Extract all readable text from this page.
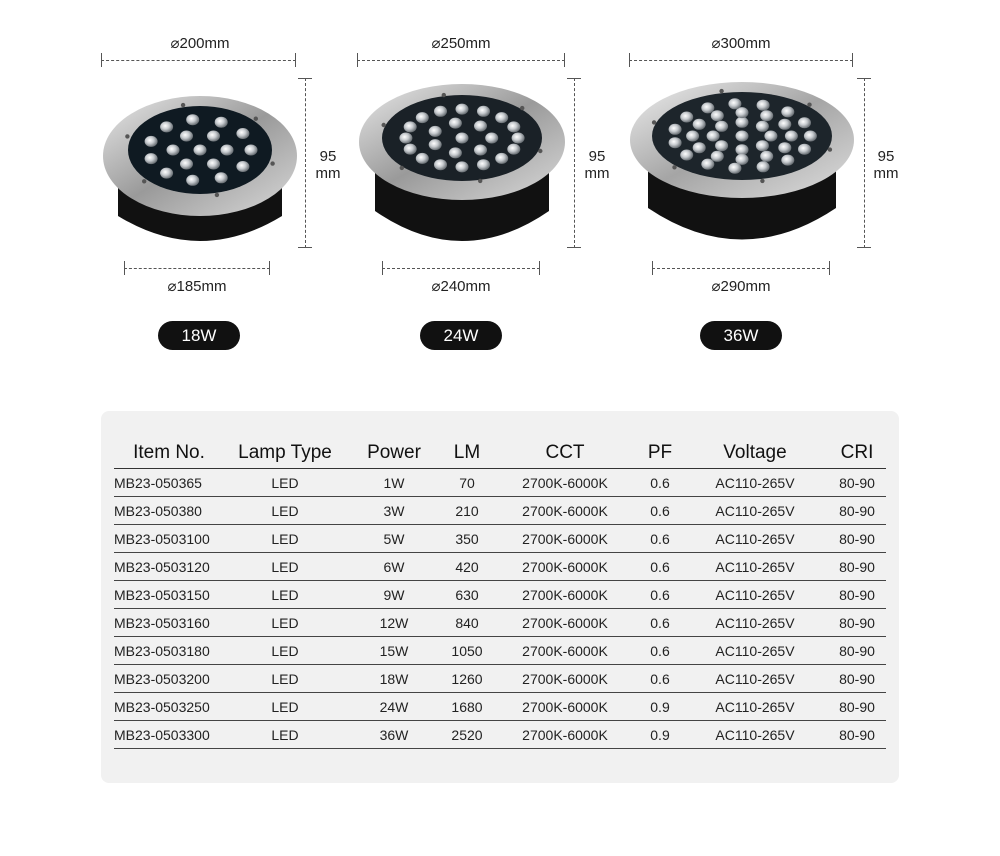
⌀200mm
95
mm
⌀185mm
18W
⌀250mm
95
mm
⌀240mm
24W
⌀300mm
95
mm
⌀290mm
36W
Item No.	Lamp Type	Power	LM	CCT	PF	Voltage	CRI
MB23-050365	LED	1W	70	2700K-6000K	0.6	AC110-265V	80-90
MB23-050380	LED	3W	210	2700K-6000K	0.6	AC110-265V	80-90
MB23-0503100	LED	5W	350	2700K-6000K	0.6	AC110-265V	80-90
MB23-0503120	LED	6W	420	2700K-6000K	0.6	AC110-265V	80-90
MB23-0503150	LED	9W	630	2700K-6000K	0.6	AC110-265V	80-90
MB23-0503160	LED	12W	840	2700K-6000K	0.6	AC110-265V	80-90
MB23-0503180	LED	15W	1050	2700K-6000K	0.6	AC110-265V	80-90
MB23-0503200	LED	18W	1260	2700K-6000K	0.6	AC110-265V	80-90
MB23-0503250	LED	24W	1680	2700K-6000K	0.9	AC110-265V	80-90
MB23-0503300	LED	36W	2520	2700K-6000K	0.9	AC110-265V	80-90
